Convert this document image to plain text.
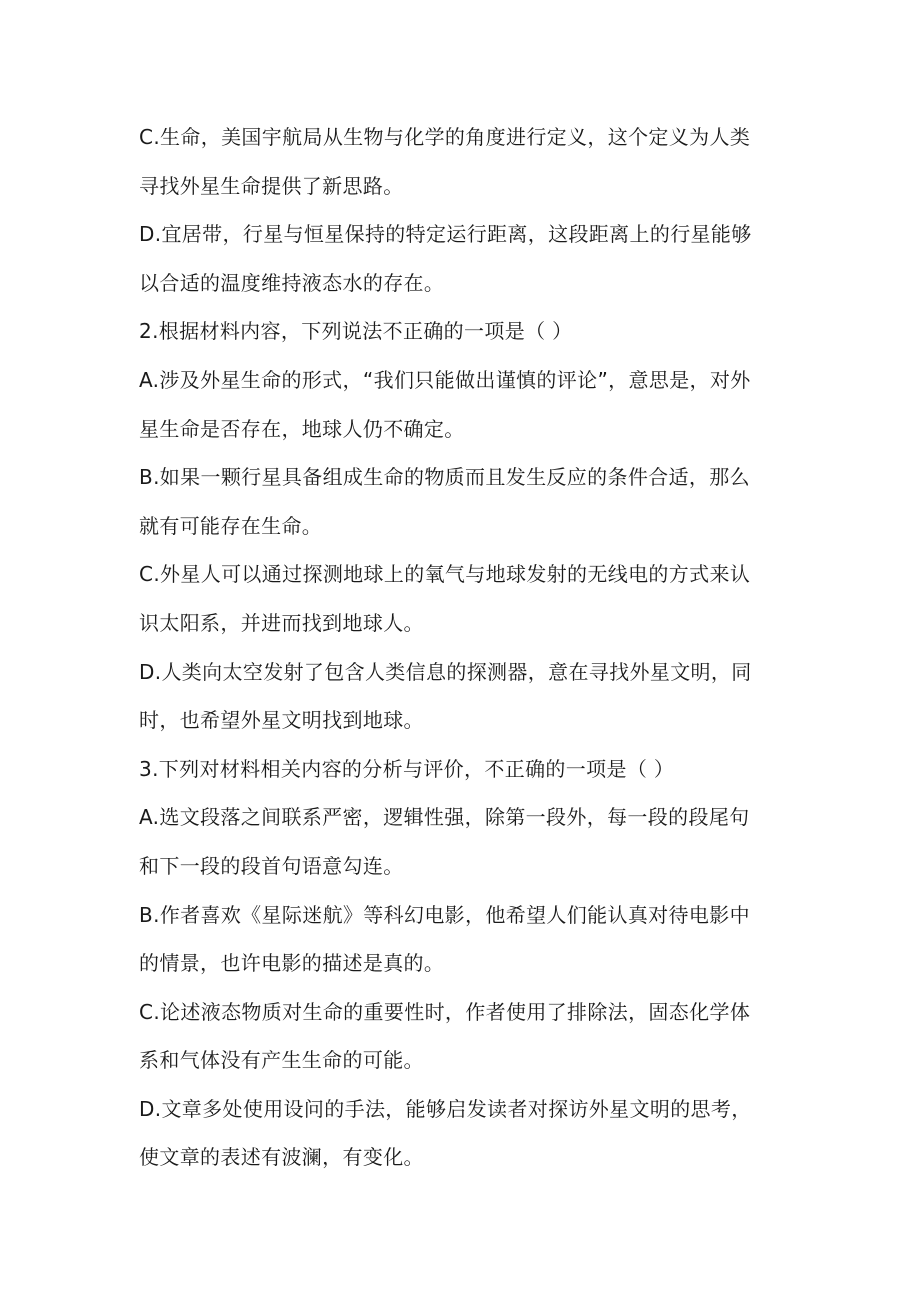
C.生命，美国宇航局从生物与化学的角度进行定义，这个定义为人类
寻找外星生命提供了新思路。
D.宜居带，行星与恒星保持的特定运行距离，这段距离上的行星能够
以合适的温度维持液态水的存在。
2.根据材料内容，下列说法不正确的一项是（ ）
A.涉及外星生命的形式，“我们只能做出谨慎的评论”，意思是，对外
星生命是否存在，地球人仍不确定。
B.如果一颗行星具备组成生命的物质而且发生反应的条件合适，那么
就有可能存在生命。
C.外星人可以通过探测地球上的氧气与地球发射的无线电的方式来认
识太阳系，并进而找到地球人。
D.人类向太空发射了包含人类信息的探测器，意在寻找外星文明，同
时，也希望外星文明找到地球。
3.下列对材料相关内容的分析与评价，不正确的一项是（ ）
A.选文段落之间联系严密，逻辑性强，除第一段外，每一段的段尾句
和下一段的段首句语意勾连。
B.作者喜欢《星际迷航》等科幻电影，他希望人们能认真对待电影中
的情景，也许电影的描述是真的。
C.论述液态物质对生命的重要性时，作者使用了排除法，固态化学体
系和气体没有产生生命的可能。
D.文章多处使用设问的手法，能够启发读者对探访外星文明的思考，
使文章的表述有波澜，有变化。
